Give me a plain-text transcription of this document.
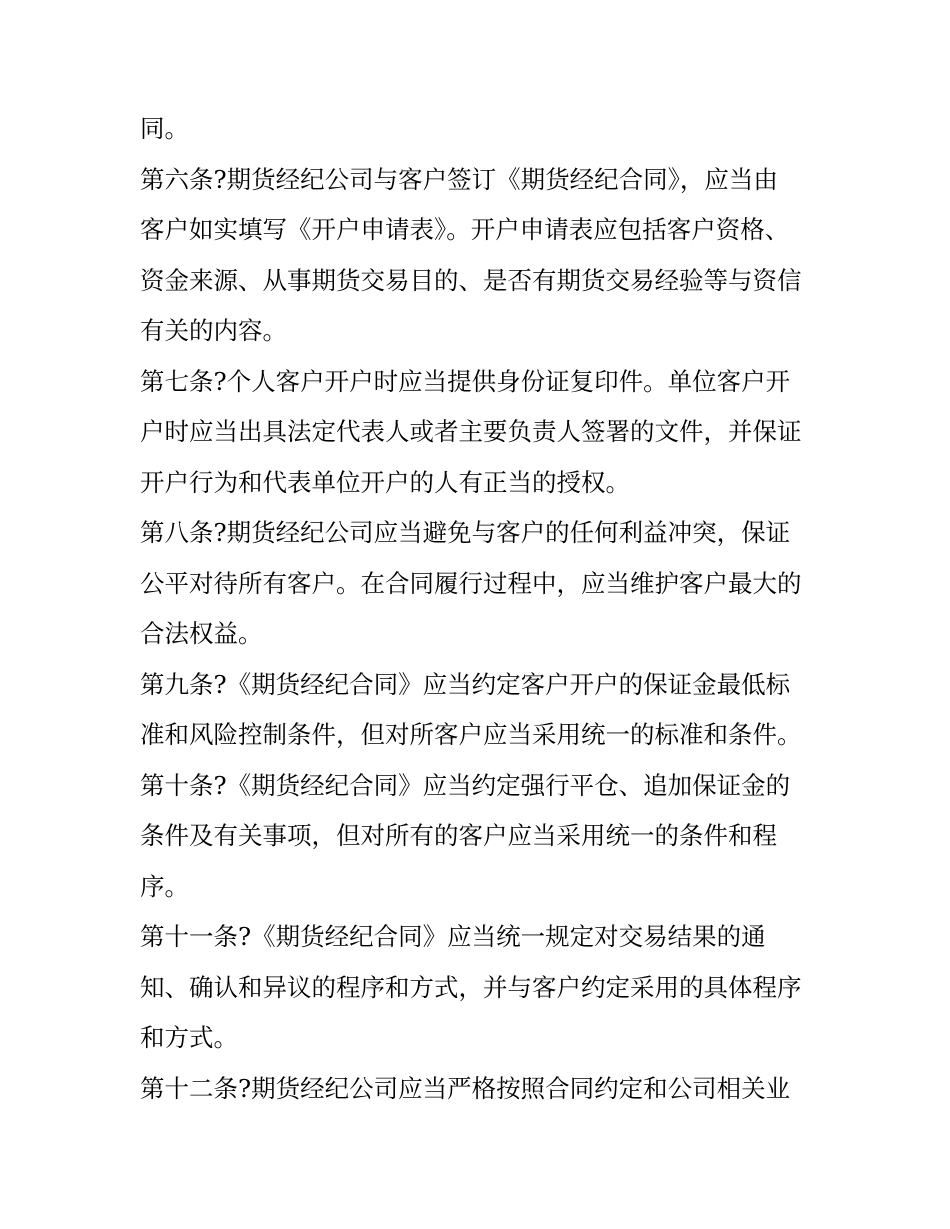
同。
第六条?期货经纪公司与客户签订《期货经纪合同》，应当由
客户如实填写《开户申请表》。开户申请表应包括客户资格、
资金来源、从事期货交易目的、是否有期货交易经验等与资信
有关的内容。
第七条?个人客户开户时应当提供身份证复印件。单位客户开
户时应当出具法定代表人或者主要负责人签署的文件，并保证
开户行为和代表单位开户的人有正当的授权。
第八条?期货经纪公司应当避免与客户的任何利益冲突，保证
公平对待所有客户。在合同履行过程中，应当维护客户最大的
合法权益。
第九条?《期货经纪合同》应当约定客户开户的保证金最低标
准和风险控制条件，但对所客户应当采用统一的标准和条件。
第十条?《期货经纪合同》应当约定强行平仓、追加保证金的
条件及有关事项，但对所有的客户应当采用统一的条件和程
序。
第十一条?《期货经纪合同》应当统一规定对交易结果的通
知、确认和异议的程序和方式，并与客户约定采用的具体程序
和方式。
第十二条?期货经纪公司应当严格按照合同约定和公司相关业
